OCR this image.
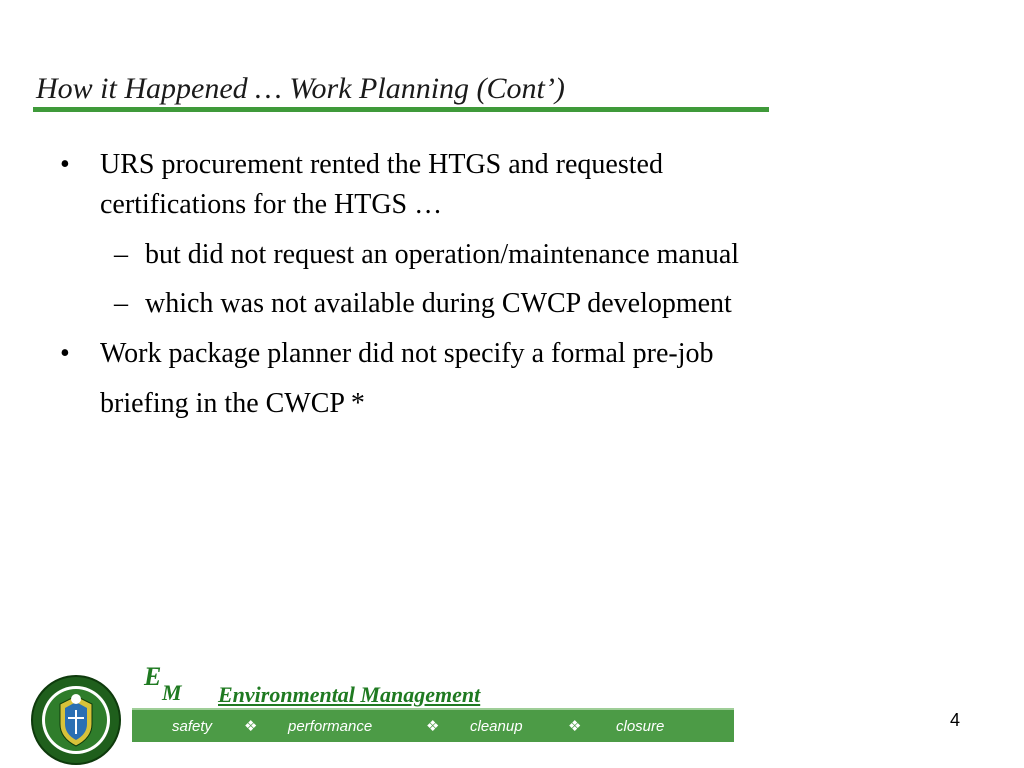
How it Happened … Work Planning (Cont’)
• URS procurement rented the HTGS and requested
certifications for the HTGS …
– but did not request an operation/maintenance manual
– which was not available during CWCP development
• Work package planner did not specify a formal pre-job
briefing in the CWCP *
E
M Environmental Management
safety ❖ performance	❖ cleanup	❖ closure	4
